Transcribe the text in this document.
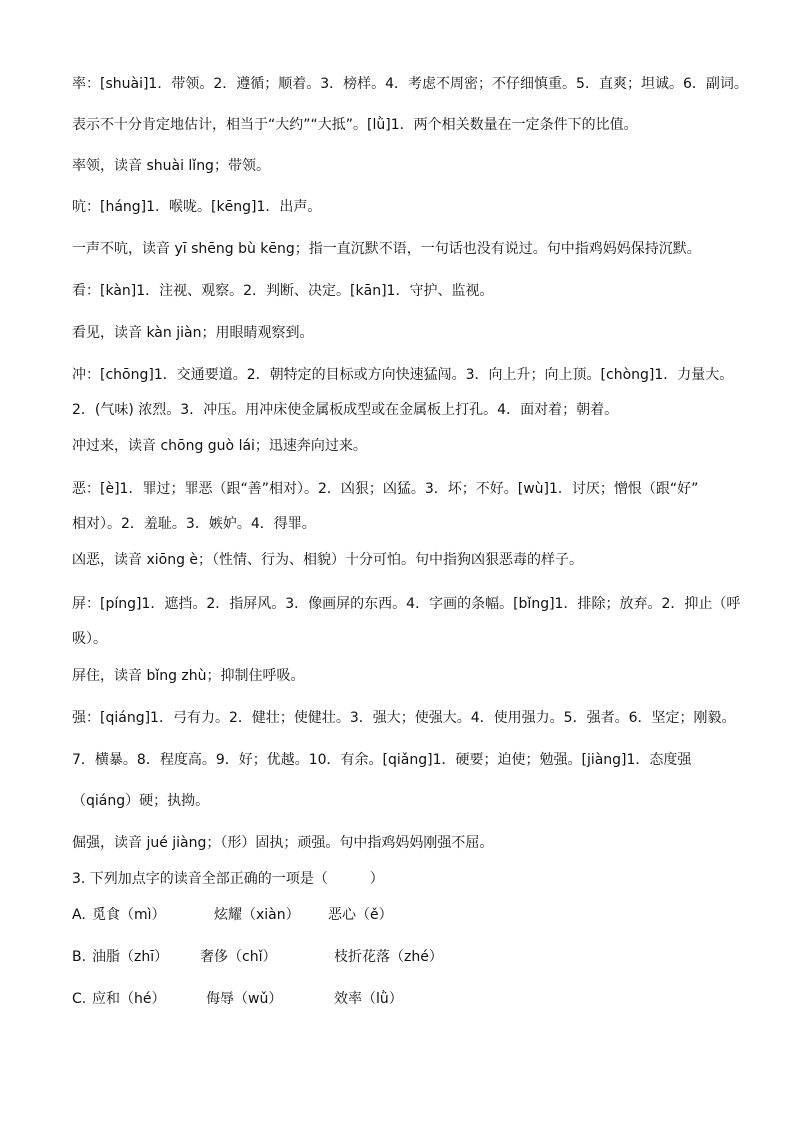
率：[shuài]1．带领。2．遵循；顺着。3．榜样。4．考虑不周密；不仔细慎重。5．直爽；坦诚。6．副词。
表示不十分肯定地估计，相当于“大约”“大抵”。[lǜ]1．两个相关数量在一定条件下的比值。
率领，读音 shuài lǐng；带领。
吭：[háng]1．喉咙。[kēng]1．出声。
一声不吭，读音 yī shēng bù kēng；指一直沉默不语，一句话也没有说过。句中指鸡妈妈保持沉默。
看：[kàn]1．注视、观察。2．判断、决定。[kān]1．守护、监视。
看见，读音 kàn jiàn；用眼睛观察到。
冲：[chōng]1．交通要道。2．朝特定的目标或方向快速猛闯。3．向上升；向上顶。[chòng]1．力量大。
2．(气味) 浓烈。3．冲压。用冲床使金属板成型或在金属板上打孔。4．面对着；朝着。
冲过来，读音 chōng guò lái；迅速奔向过来。
恶：[è]1．罪过；罪恶（跟“善”相对）。2．凶狠；凶猛。3．坏；不好。[wù]1．讨厌；憎恨（跟“好”
相对）。2．羞耻。3．嫉妒。4．得罪。
凶恶，读音 xiōng è；（性情、行为、相貌）十分可怕。句中指狗凶狠恶毒的样子。
屏：[píng]1．遮挡。2．指屏风。3．像画屏的东西。4．字画的条幅。[bǐng]1．排除；放弃。2．抑止（呼
吸）。
屏住，读音 bǐng zhù；抑制住呼吸。
强：[qiáng]1．弓有力。2．健壮；使健壮。3．强大；使强大。4．使用强力。5．强者。6．坚定；刚毅。
7．横暴。8．程度高。9．好；优越。10．有余。[qiǎng]1．硬要；迫使；勉强。[jiàng]1．态度强
（qiáng）硬；执拗。
倔强，读音 jué jiàng；（形）固执；顽强。句中指鸡妈妈刚强不屈。
3. 下列加点字的读音全部正确的一项是（　　　）
A. 觅食（mì）	炫耀（xiàn） 恶心（ě）
B. 油脂（zhī） 奢侈（chǐ）	枝折花落（zhé）
C. 应和（hé）	侮辱（wǔ）	效率（lǜ）
